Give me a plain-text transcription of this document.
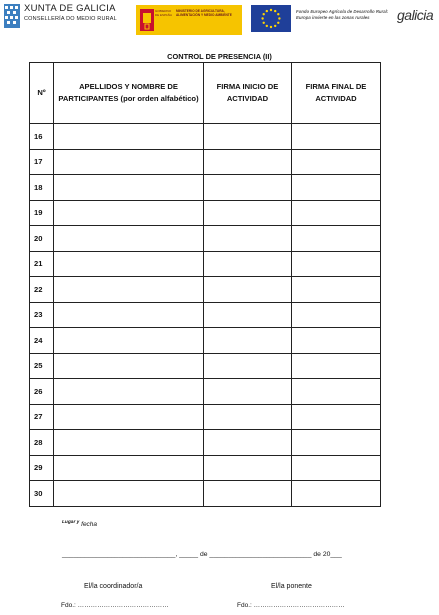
XUNTA DE GALICIA
CONSELLERÍA DO MEDIO RURAL
GOBIERNO DE ESPAÑA
MINISTERIO DE AGRICULTURA, ALIMENTACIÓN Y MEDIO AMBIENTE
Fondo Europeo Agrícola de Desarrollo Rural: Europa invierte en las zonas rurales	galicia
CONTROL DE PRESENCIA (II)
Nº	APELLIDOS Y NOMBRE DE PARTICIPANTES (por orden alfabético)	FIRMA INICIO DE ACTIVIDAD	FIRMA FINAL DE ACTIVIDAD
16			
17			
18			
19			
20			
21			
22			
23			
24			
25			
26			
27			
28			
29			
30			
$^{Lugar y}$ fecha
______________________________, _____ de ___________________________ de 20___
El/la coordinador/a	El/la ponente
Fdo.: ……………………………………	Fdo.: ……………………………………
